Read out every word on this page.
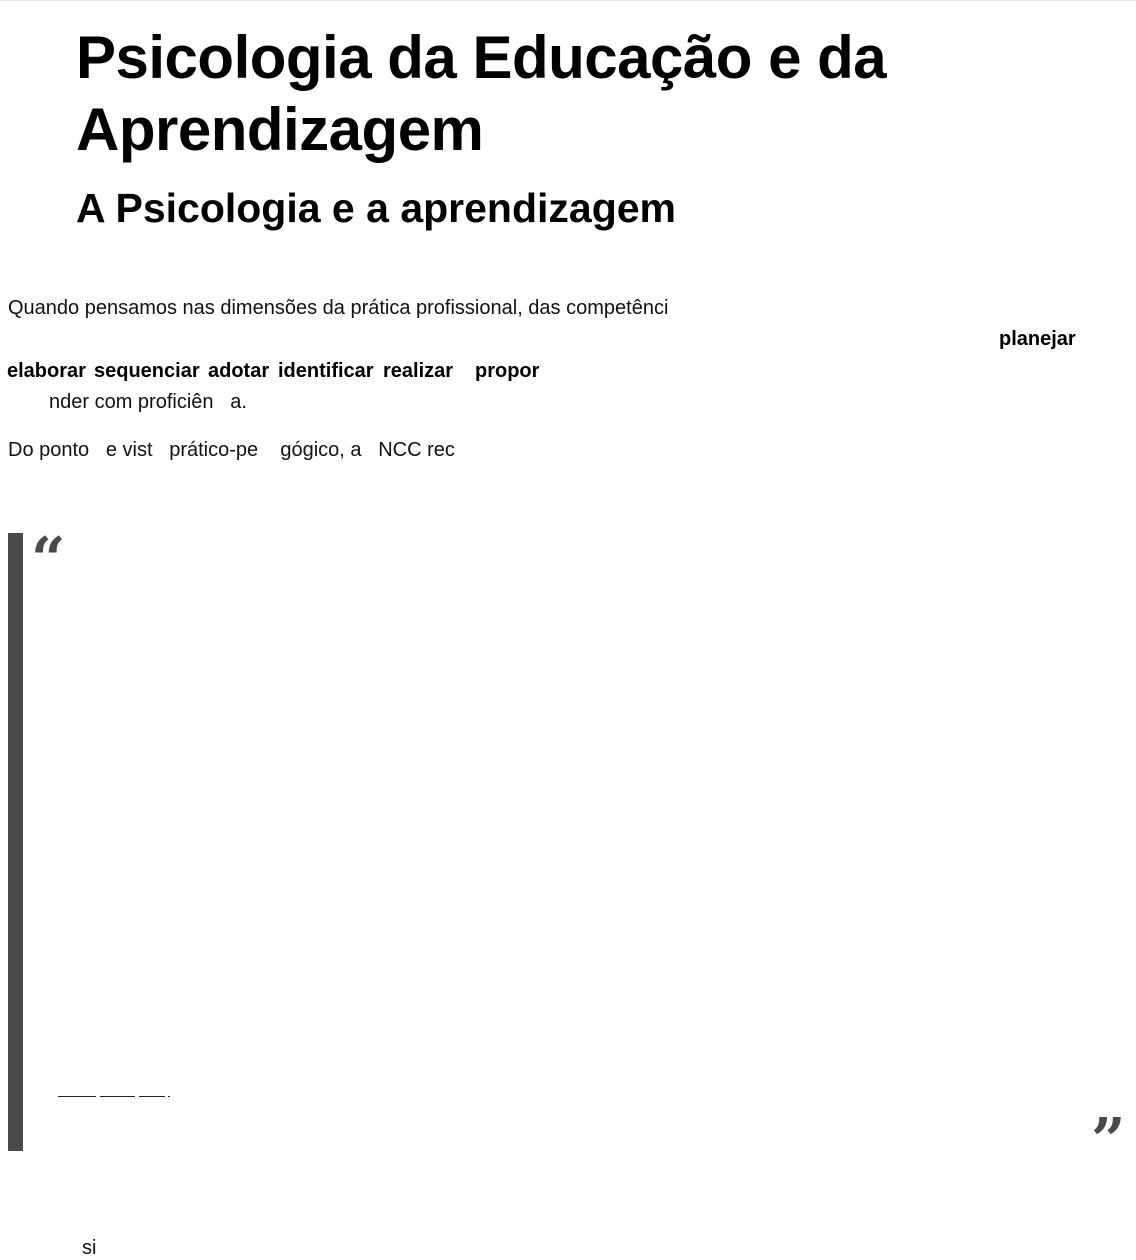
Psicologia da Educação e da Aprendizagem
A Psicologia e a aprendizagem

Quando pensamos nas dimensões da prática profissional, das competênci

planejar
elaborar sequenciar adotar identificar realizar propor

nder com proficiên   a.

Do ponto   e vist   prático-pe    gógico, a   NCC rec

“
”

si
